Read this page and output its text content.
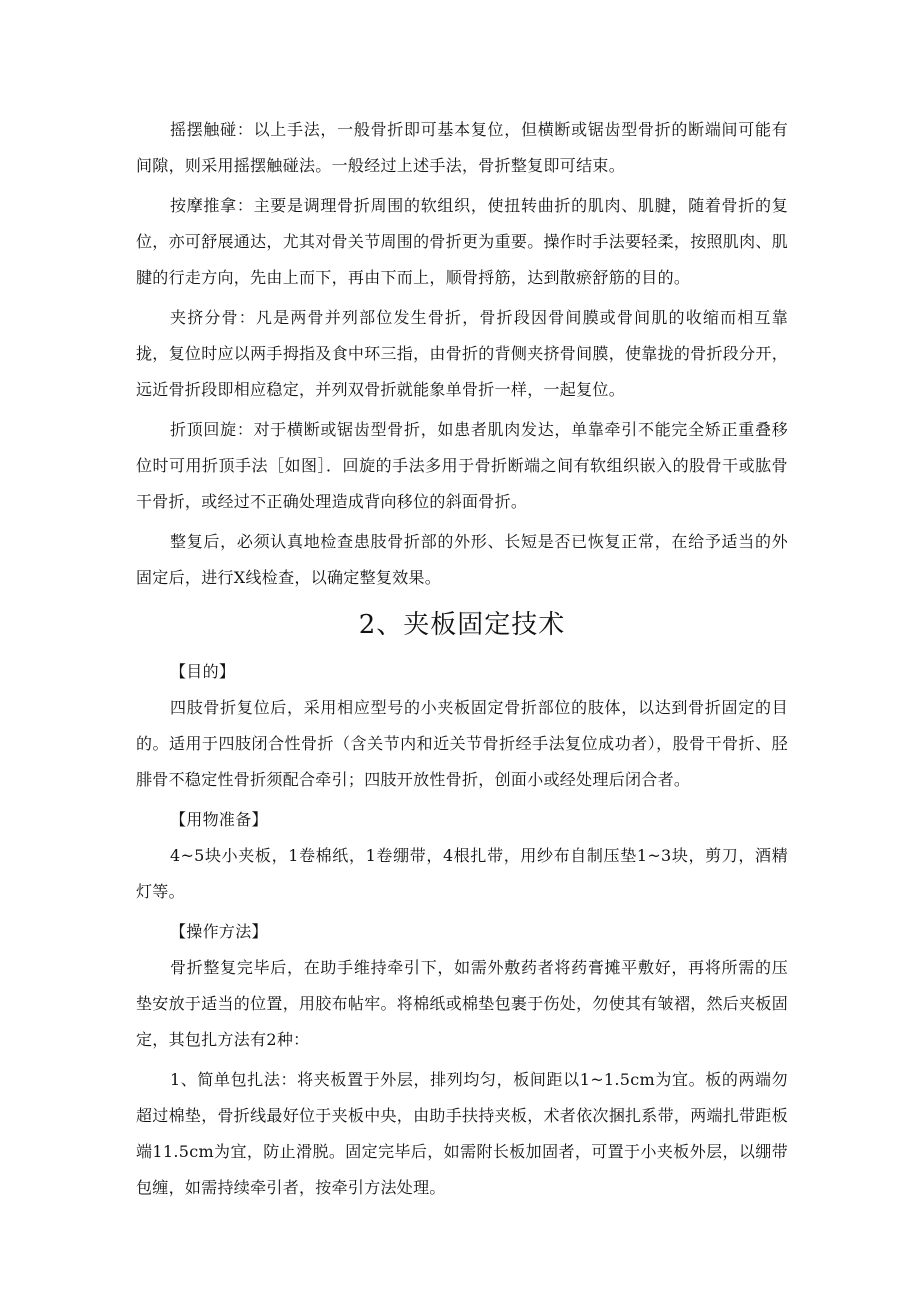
摇摆触碰：以上手法，一般骨折即可基本复位，但横断或锯齿型骨折的断端间可能有间隙，则采用摇摆触碰法。一般经过上述手法，骨折整复即可结束。

按摩推拿：主要是调理骨折周围的软组织，使扭转曲折的肌肉、肌腱，随着骨折的复位，亦可舒展通达，尤其对骨关节周围的骨折更为重要。操作时手法要轻柔，按照肌肉、肌腱的行走方向，先由上而下，再由下而上，顺骨捋筋，达到散瘀舒筋的目的。

夹挤分骨：凡是两骨并列部位发生骨折，骨折段因骨间膜或骨间肌的收缩而相互靠拢，复位时应以两手拇指及食中环三指，由骨折的背侧夹挤骨间膜，使靠拢的骨折段分开，远近骨折段即相应稳定，并列双骨折就能象单骨折一样，一起复位。

折顶回旋：对于横断或锯齿型骨折，如患者肌肉发达，单靠牵引不能完全矫正重叠移位时可用折顶手法［如图］．回旋的手法多用于骨折断端之间有软组织嵌入的股骨干或肱骨干骨折，或经过不正确处理造成背向移位的斜面骨折。

整复后，必须认真地检查患肢骨折部的外形、长短是否已恢复正常，在给予适当的外固定后，进行X线检查，以确定整复效果。

2、夹板固定技术

【目的】

四肢骨折复位后，采用相应型号的小夹板固定骨折部位的肢体，以达到骨折固定的目的。适用于四肢闭合性骨折（含关节内和近关节骨折经手法复位成功者），股骨干骨折、胫腓骨不稳定性骨折须配合牵引；四肢开放性骨折，创面小或经处理后闭合者。

【用物准备】

4~5块小夹板，1卷棉纸，1卷绷带，4根扎带，用纱布自制压垫1~3块，剪刀，酒精灯等。

【操作方法】

骨折整复完毕后，在助手维持牵引下，如需外敷药者将药膏摊平敷好，再将所需的压垫安放于适当的位置，用胶布帖牢。将棉纸或棉垫包裹于伤处，勿使其有皱褶，然后夹板固定，其包扎方法有2种：

1、简单包扎法：将夹板置于外层，排列均匀，板间距以1~1.5cm为宜。板的两端勿超过棉垫，骨折线最好位于夹板中央，由助手扶持夹板，术者依次捆扎系带，两端扎带距板端11.5cm为宜，防止滑脱。固定完毕后，如需附长板加固者，可置于小夹板外层，以绷带包缠，如需持续牵引者，按牵引方法处理。
